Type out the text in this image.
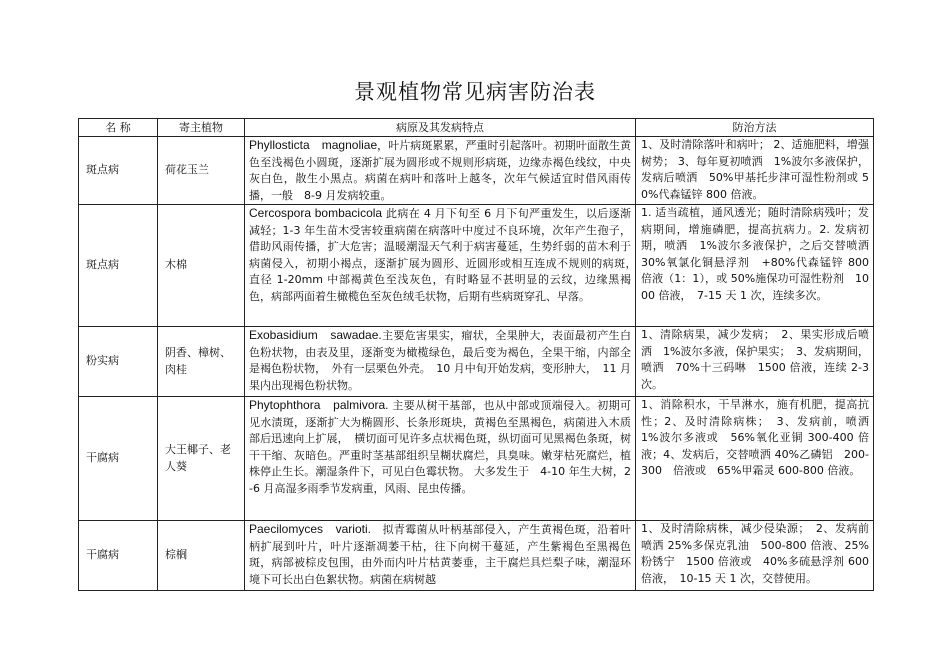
景观植物常见病害防治表
名 称	寄主植物	病原及其发病特点	防治方法
斑点病	荷花玉兰	Phyllosticta　magnoliae，叶片病斑累累，严重时引起落叶。初期叶面散生黄色至浅褐色小圆斑，逐渐扩展为圆形或不规则形病斑，边缘赤褐色线纹，中央灰白色，散生小黑点。病菌在病叶和落叶上越冬，次年气候适宜时借风雨传播，一般　8-9 月发病较重。	1、及时清除落叶和病叶； 2、适施肥料，增强树势； 3、每年夏初喷洒　1%波尔多液保护，发病后喷洒　50%甲基托步津可湿性粉剂或 50%代森锰锌 800 倍液。
斑点病	木棉	Cercospora bombacicola 此病在 4 月下旬至 6 月下旬严重发生，以后逐渐减轻；1-3 年生苗木受害较重病菌在病落叶中度过不良环境，次年产生孢子，借助风雨传播，扩大危害；温暖潮湿天气利于病害蔓延，生势纤弱的苗木利于病菌侵入，初期小褐点，逐渐扩展为圆形、近圆形或相互连成不规则的病斑，　直径 1-20mm 中部褐黄色至浅灰色，有时略显不甚明显的云纹，边缘黑褐色，病部两面着生橄榄色至灰色绒毛状物，后期有些病斑穿孔、早落。	1. 适当疏植，通风透光；随时清除病残叶；发病期间，增施磷肥，提高抗病力。2. 发病初期，喷洒　1%波尔多液保护，之后交替喷洒　30%氧氯化铜悬浮剂　+80%代森锰锌 800 倍液（1：1），或 50%施保功可湿性粉剂　1000 倍液，　7-15 天 1 次，连续多次。
粉实病	阴香、樟树、肉桂	Exobasidium　sawadae.主要危害果实，瘤状，全果肿大，表面最初产生白色粉状物，由表及里，逐渐变为橄榄绿色，最后变为褐色，全果干缩，内部全是褐色粉状物，　外有一层栗色外壳。　10 月中旬开始发病，变形肿大，　11 月果内出现褐色粉状物。	1、清除病果，减少发病；　2、果实形成后喷洒　1%波尔多液，保护果实；　3、发病期间，喷洒　70%十三码啉　1500 倍液，连续 2-3 次。
干腐病	大王椰子、老人葵	Phytophthora　palmivora. 主要从树干基部，也从中部或顶端侵入。初期可见水渍斑，逐渐扩大为椭圆形、长条形斑块，黄褐色至黑褐色，病菌进入木质部后迅速向上扩展，　横切面可见许多点状褐色斑，纵切面可见黑褐色条斑，树干干缩、灰暗色。严重时茎基部组织呈糊状腐烂，具臭味。嫩芽枯死腐烂，植株停止生长。潮湿条件下，可见白色霉状物。 大多发生于　4-10 年生大树，2-6 月高湿多雨季节发病重，风雨、昆虫传播。	1、消除积水，干旱淋水，施有机肥，提高抗性；2、及时清除病株；　3、发病前，喷洒　1%波尔多液或　56%氧化亚铜 300-400 倍液；4、发病后，交替喷洒 40%乙磷铝　200-300　倍液或　65%甲霜灵 600-800 倍液。
干腐病	棕榈	Paecilomyces　varioti.　拟青霉菌从叶柄基部侵入，产生黄褐色斑，沿着叶柄扩展到叶片，叶片逐渐凋萎干枯，往下向树干蔓延，产生紫褐色至黑褐色斑，病部被棕皮包围，由外而内叶片枯黄萎垂，主干腐烂具烂梨子味，潮湿环境下可长出白色絮状物。病菌在病树越	1、及时清除病株，减少侵染源；　2、发病前喷洒 25%多保克乳油　500-800 倍液、25%粉锈宁　1500 倍液或　40%多硫悬浮剂 600 倍液，　10-15 天 1 次，交替使用。
